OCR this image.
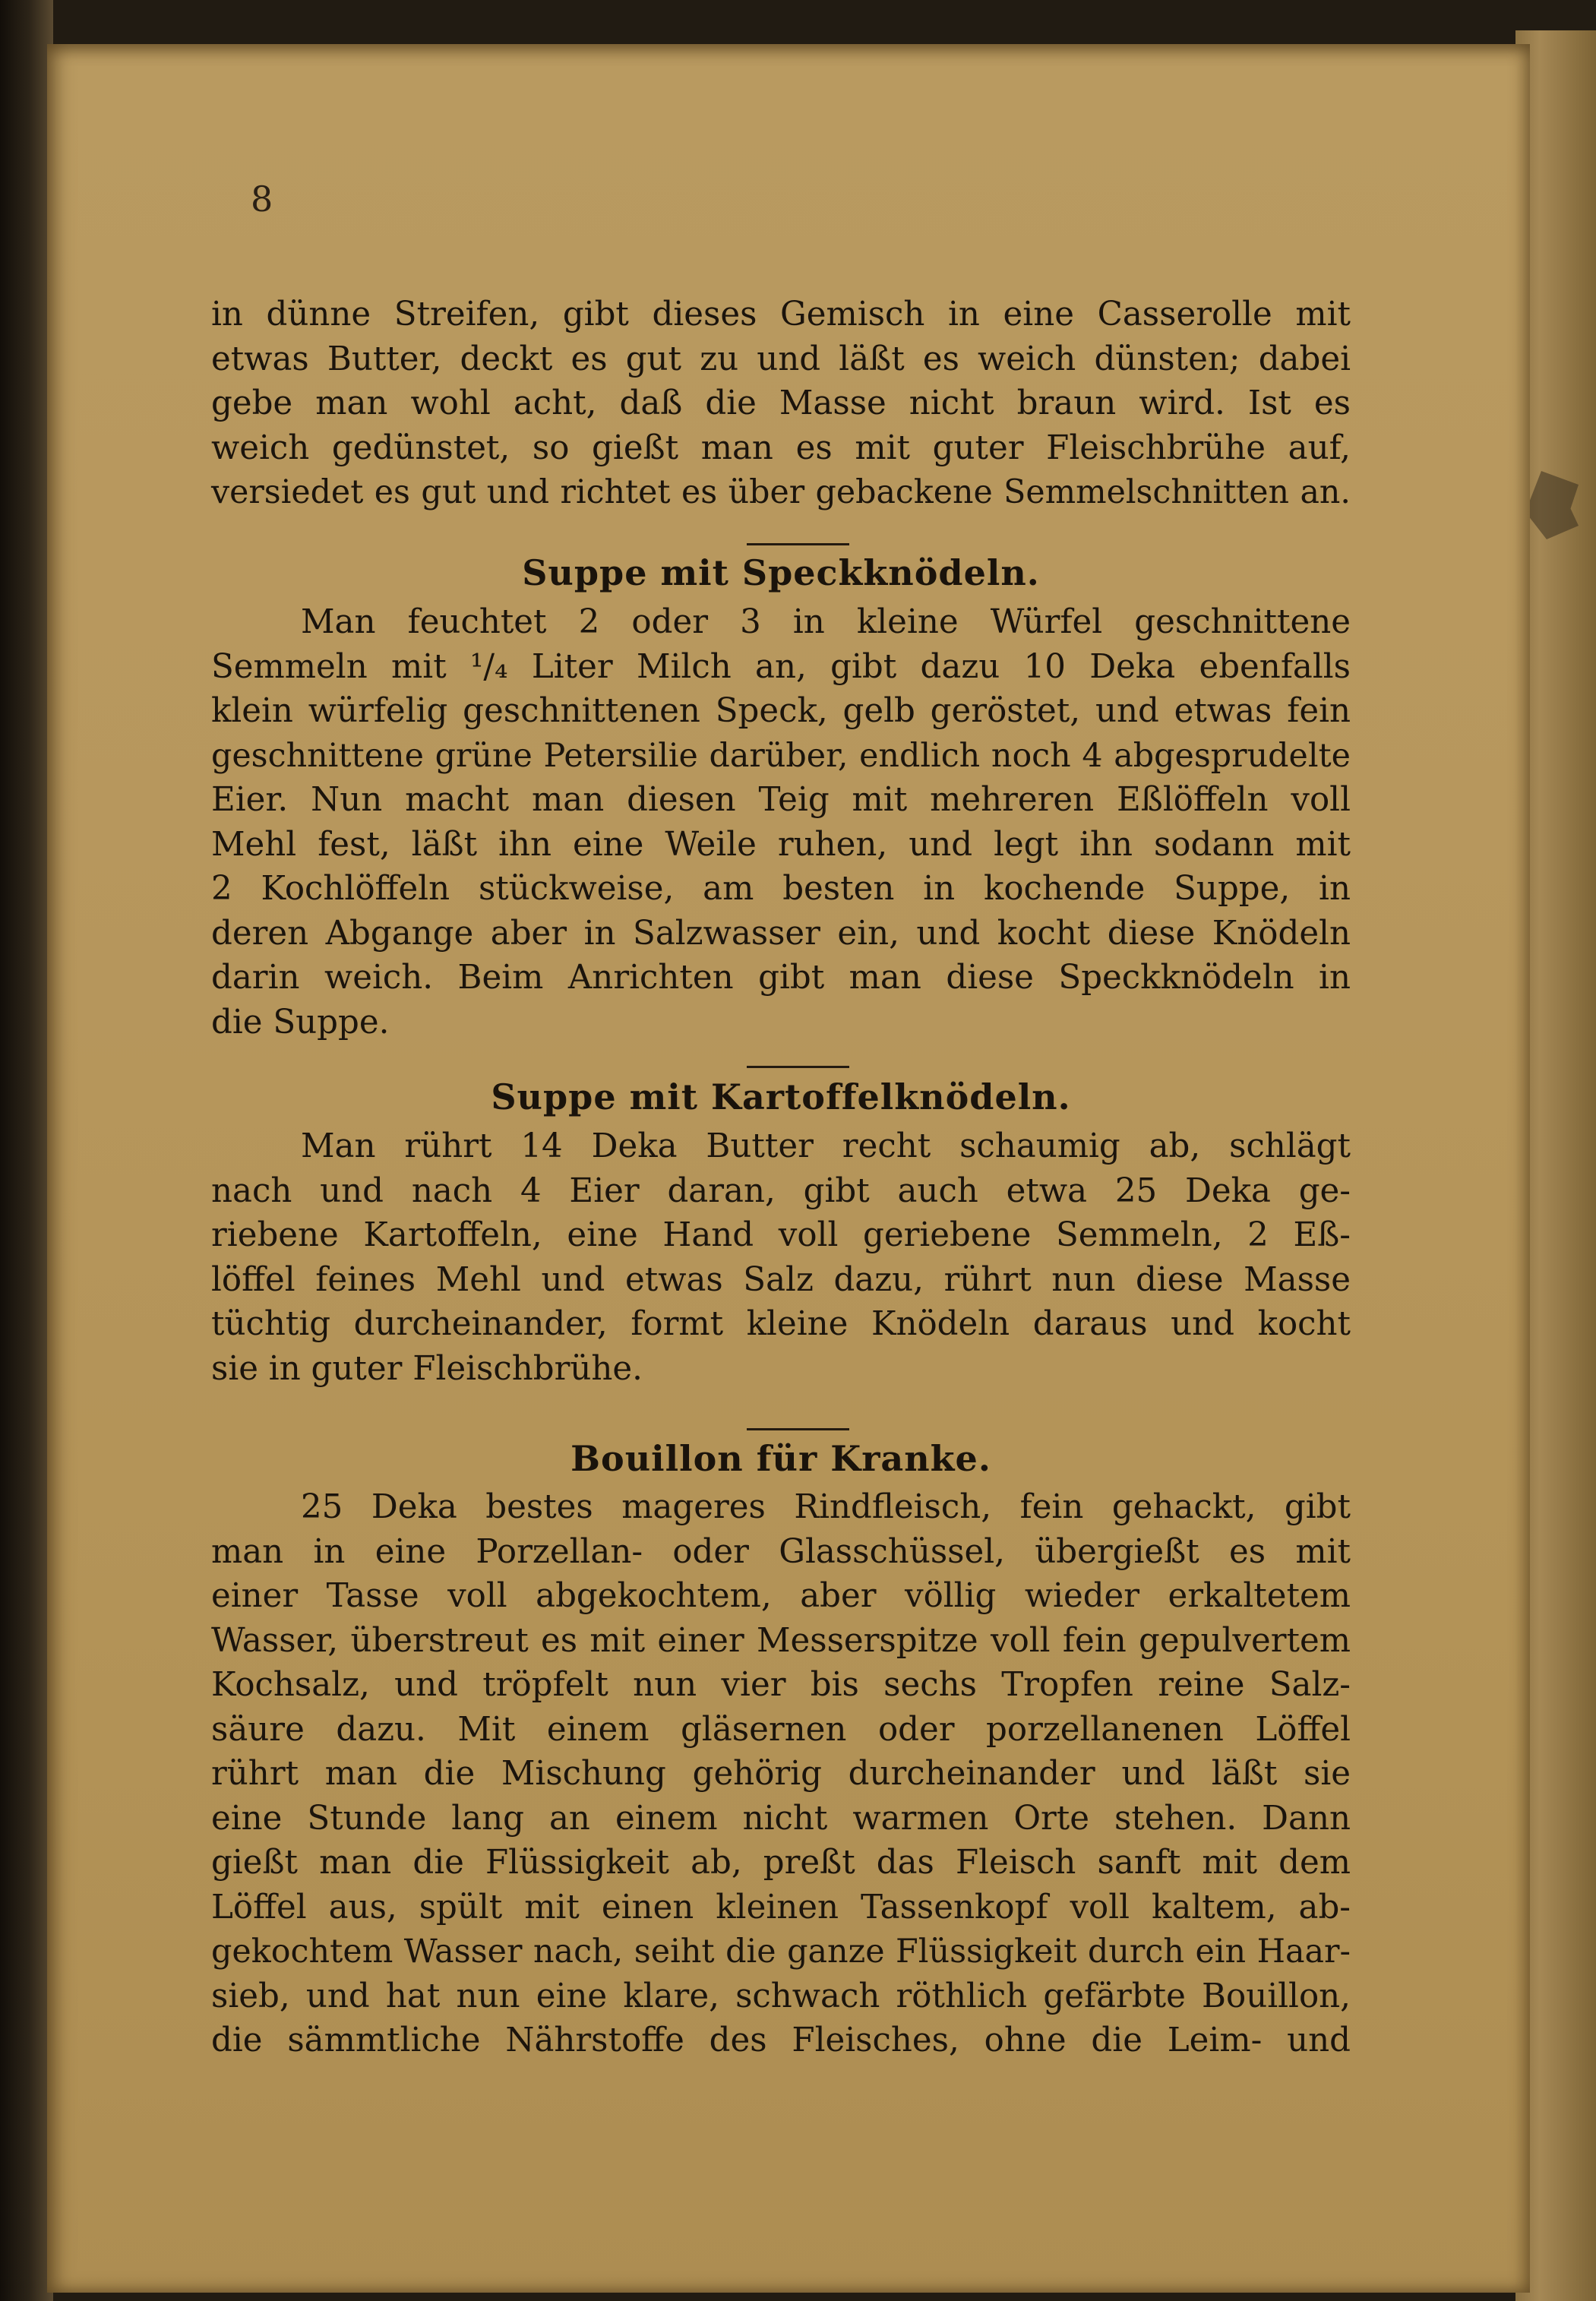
8
in dünne Streifen, gibt dieses Gemisch in eine Casserolle mit
etwas Butter, deckt es gut zu und läßt es weich dünsten; dabei
gebe man wohl acht, daß die Masse nicht braun wird. Ist es
weich gedünstet, so gießt man es mit guter Fleischbrühe auf,
versiedet es gut und richtet es über gebackene Semmelschnitten an.
Suppe mit Speckknödeln.
Man feuchtet 2 oder 3 in kleine Würfel geschnittene
Semmeln mit ¹/₄ Liter Milch an, gibt dazu 10 Deka ebenfalls
klein würfelig geschnittenen Speck, gelb geröstet, und etwas fein
geschnittene grüne Petersilie darüber, endlich noch 4 abgesprudelte
Eier. Nun macht man diesen Teig mit mehreren Eßlöffeln voll
Mehl fest, läßt ihn eine Weile ruhen, und legt ihn sodann mit
2 Kochlöffeln stückweise, am besten in kochende Suppe, in
deren Abgange aber in Salzwasser ein, und kocht diese Knödeln
darin weich. Beim Anrichten gibt man diese Speckknödeln in
die Suppe.
Suppe mit Kartoffelknödeln.
Man rührt 14 Deka Butter recht schaumig ab, schlägt
nach und nach 4 Eier daran, gibt auch etwa 25 Deka ge-
riebene Kartoffeln, eine Hand voll geriebene Semmeln, 2 Eß-
löffel feines Mehl und etwas Salz dazu, rührt nun diese Masse
tüchtig durcheinander, formt kleine Knödeln daraus und kocht
sie in guter Fleischbrühe.
Bouillon für Kranke.
25 Deka bestes mageres Rindfleisch, fein gehackt, gibt
man in eine Porzellan- oder Glasschüssel, übergießt es mit
einer Tasse voll abgekochtem, aber völlig wieder erkaltetem
Wasser, überstreut es mit einer Messerspitze voll fein gepulvertem
Kochsalz, und tröpfelt nun vier bis sechs Tropfen reine Salz-
säure dazu. Mit einem gläsernen oder porzellanenen Löffel
rührt man die Mischung gehörig durcheinander und läßt sie
eine Stunde lang an einem nicht warmen Orte stehen. Dann
gießt man die Flüssigkeit ab, preßt das Fleisch sanft mit dem
Löffel aus, spült mit einen kleinen Tassenkopf voll kaltem, ab-
gekochtem Wasser nach, seiht die ganze Flüssigkeit durch ein Haar-
sieb, und hat nun eine klare, schwach röthlich gefärbte Bouillon,
die sämmtliche Nährstoffe des Fleisches, ohne die Leim- und
